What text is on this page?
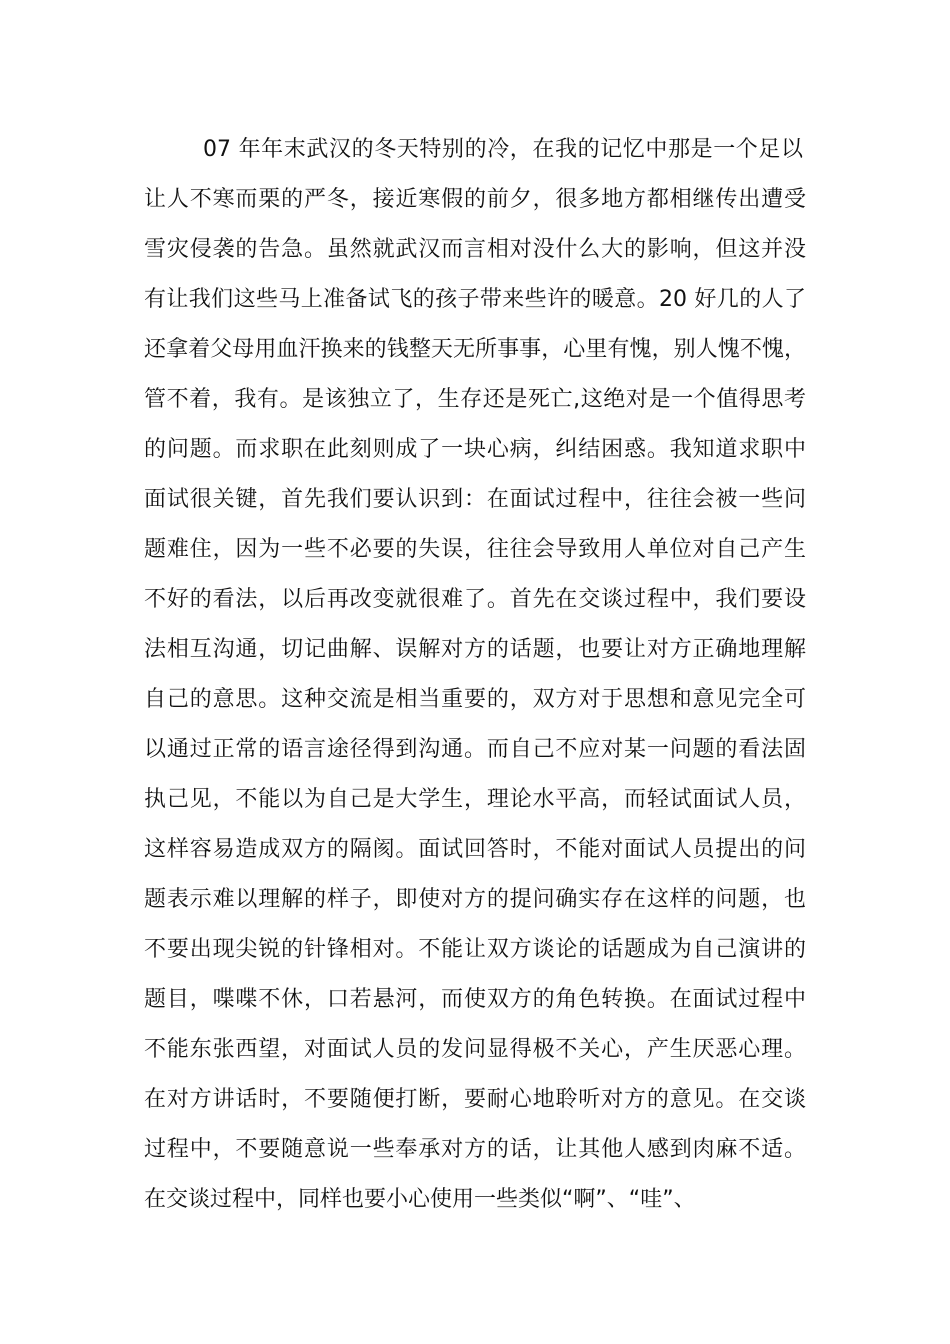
07 年年末武汉的冬天特别的冷，在我的记忆中那是一个足以
让人不寒而栗的严冬，接近寒假的前夕，很多地方都相继传出遭受
雪灾侵袭的告急。虽然就武汉而言相对没什么大的影响，但这并没
有让我们这些马上准备试飞的孩子带来些许的暖意。20 好几的人了
还拿着父母用血汗换来的钱整天无所事事，心里有愧，别人愧不愧，
管不着，我有。是该独立了，生存还是死亡,这绝对是一个值得思考
的问题。而求职在此刻则成了一块心病，纠结困惑。我知道求职中
面试很关键，首先我们要认识到：在面试过程中，往往会被一些问
题难住，因为一些不必要的失误，往往会导致用人单位对自己产生
不好的看法，以后再改变就很难了。首先在交谈过程中，我们要设
法相互沟通，切记曲解、误解对方的话题，也要让对方正确地理解
自己的意思。这种交流是相当重要的，双方对于思想和意见完全可
以通过正常的语言途径得到沟通。而自己不应对某一问题的看法固
执己见，不能以为自己是大学生，理论水平高，而轻试面试人员，
这样容易造成双方的隔阂。面试回答时，不能对面试人员提出的问
题表示难以理解的样子，即使对方的提问确实存在这样的问题，也
不要出现尖锐的针锋相对。不能让双方谈论的话题成为自己演讲的
题目，喋喋不休，口若悬河，而使双方的角色转换。在面试过程中
不能东张西望，对面试人员的发问显得极不关心，产生厌恶心理。
在对方讲话时，不要随便打断，要耐心地聆听对方的意见。在交谈
过程中，不要随意说一些奉承对方的话，让其他人感到肉麻不适。
在交谈过程中，同样也要小心使用一些类似“啊”、“哇”、
